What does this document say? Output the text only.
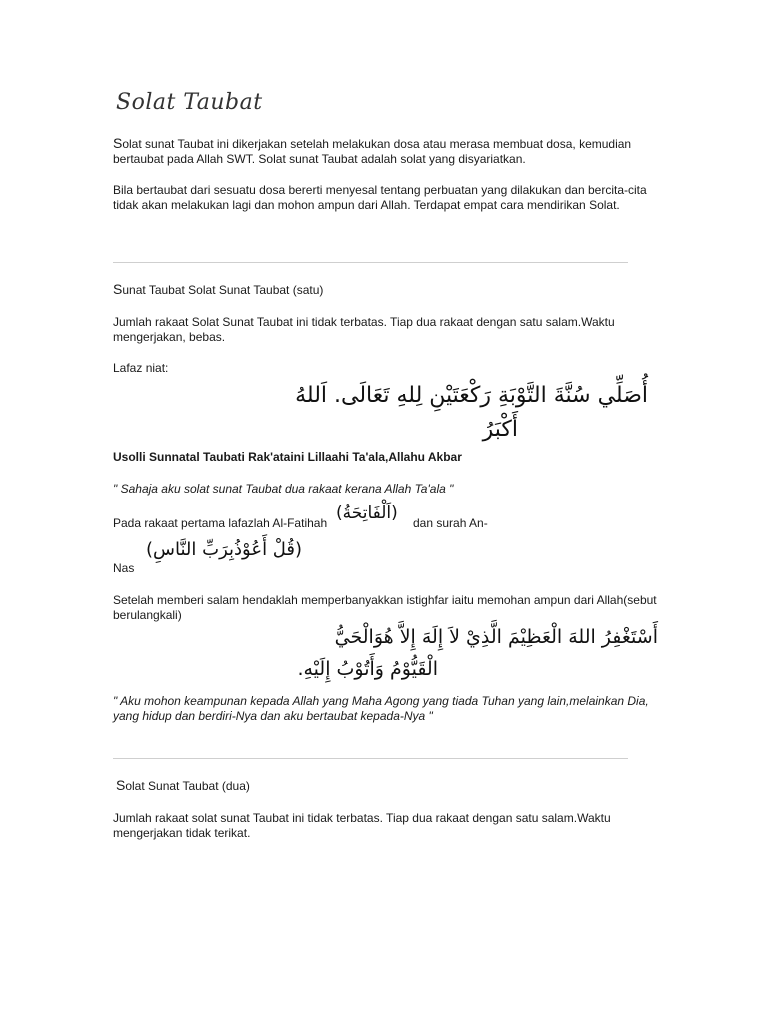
Solat Taubat
Solat sunat Taubat ini dikerjakan setelah melakukan dosa atau merasa membuat dosa, kemudian bertaubat pada Allah SWT. Solat sunat Taubat adalah solat yang disyariatkan.
Bila bertaubat dari sesuatu dosa bererti menyesal tentang perbuatan yang dilakukan dan bercita-cita tidak akan melakukan lagi dan mohon ampun dari Allah. Terdapat empat cara mendirikan Solat.
Sunat Taubat Solat Sunat Taubat (satu)
Jumlah rakaat Solat Sunat Taubat ini tidak terbatas. Tiap dua rakaat dengan satu salam.Waktu mengerjakan, bebas.
Lafaz niat:
أُصَلِّي سُنَّةَ التَّوْبَةِ رَكْعَتَيْنِ لِلهِ تَعَالَى. اَللهُ
أَكْبَرُ
Usolli Sunnatal Taubati Rak'ataini Lillaahi Ta'ala,Allahu Akbar
" Sahaja aku solat sunat Taubat dua rakaat kerana Allah Ta'ala "
Pada rakaat pertama lafazlah Al-Fatihah (اَلْفَاتِحَةُ) dan surah An-
(قُلْ أَعُوْذُبِرَبِّ النَّاسِ)
Nas
Setelah memberi salam hendaklah memperbanyakkan istighfar iaitu memohan ampun dari Allah(sebut berulangkali)
أَسْتَغْفِرُ اللهَ الْعَظِيْمَ الَّذِيْ لاَ إِلَهَ إِلاَّ هُوَالْحَيُّ
الْقَيُّوْمُ وَأَتُوْبُ إِلَيْهِ.
" Aku mohon keampunan kepada Allah yang Maha Agong yang tiada Tuhan yang lain,melainkan Dia, yang hidup dan berdiri-Nya dan aku bertaubat kepada-Nya "
Solat Sunat Taubat (dua)
Jumlah rakaat solat sunat Taubat ini tidak terbatas. Tiap dua rakaat dengan satu salam.Waktu mengerjakan tidak terikat.
